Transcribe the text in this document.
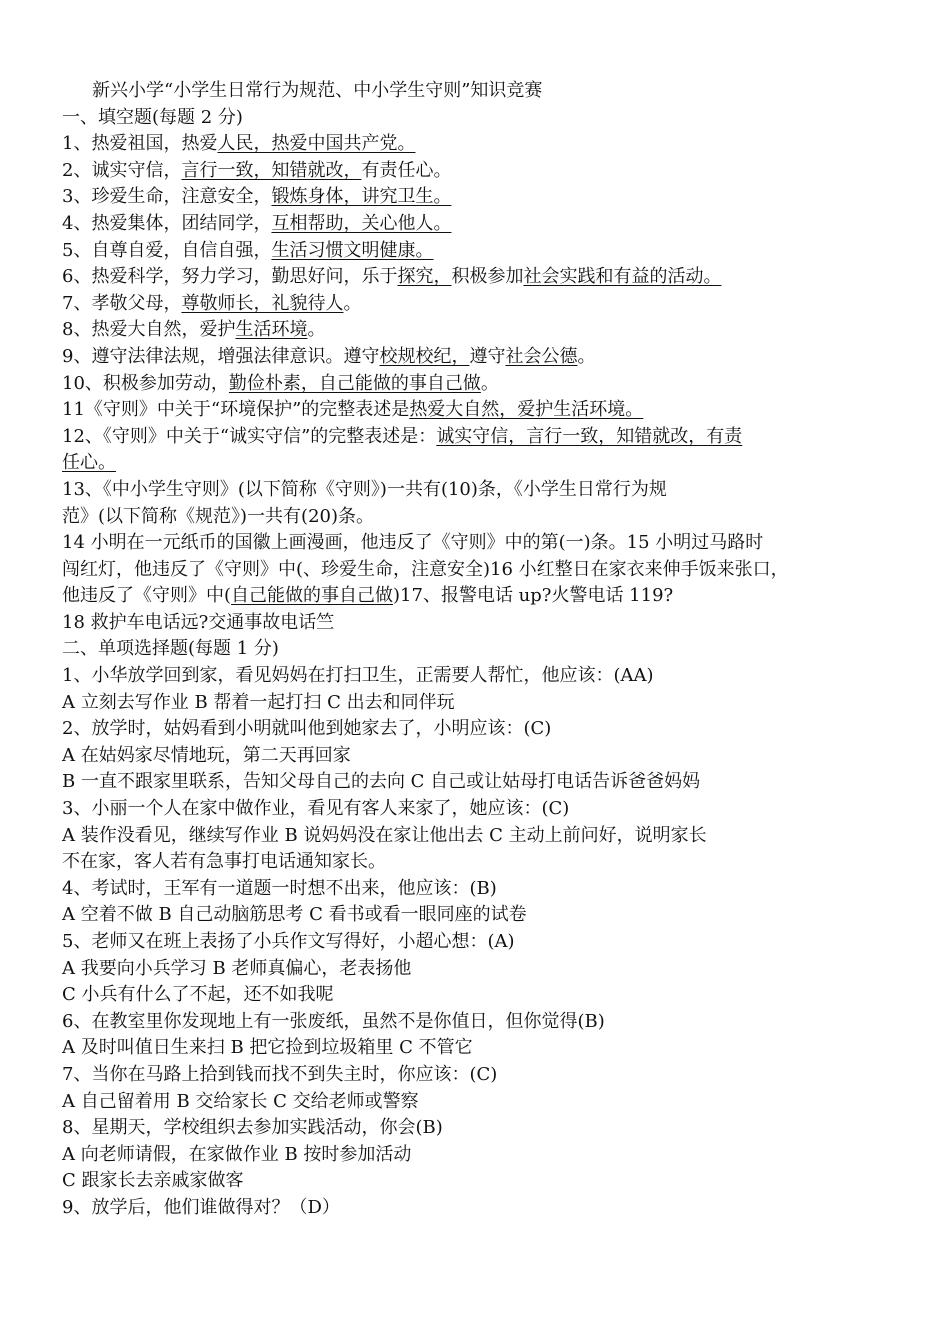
新兴小学“小学生日常行为规范、中小学生守则”知识竞赛
一、填空题(每题 2 分)
1、热爱祖国，热爱人民，热爱中国共产党。
2、诚实守信，言行一致，知错就改，有责任心。
3、珍爱生命，注意安全，锻炼身体，讲究卫生。
4、热爱集体，团结同学，互相帮助，关心他人。
5、自尊自爱，自信自强，生活习惯文明健康。
6、热爱科学，努力学习，勤思好问，乐于探究，积极参加社会实践和有益的活动。
7、孝敬父母，尊敬师长，礼貌待人。
8、热爱大自然，爱护生活环境。
9、遵守法律法规，增强法律意识。遵守校规校纪，遵守社会公德。
10、积极参加劳动，勤俭朴素，自己能做的事自己做。
11《守则》中关于“环境保护”的完整表述是热爱大自然，爱护生活环境。
12、《守则》中关于“诚实守信”的完整表述是：诚实守信，言行一致，知错就改，有责
任心。
13、《中小学生守则》(以下简称《守则》)一共有(10)条，《小学生日常行为规
范》(以下简称《规范》)一共有(20)条。
14 小明在一元纸币的国徽上画漫画，他违反了《守则》中的第(一)条。15 小明过马路时
闯红灯，他违反了《守则》中(、珍爱生命，注意安全)16 小红整日在家衣来伸手饭来张口，
他违反了《守则》中(自己能做的事自己做)17、报警电话 up?火警电话 119?
18 救护车电话远?交通事故电话竺
二、单项选择题(每题 1 分)
1、小华放学回到家，看见妈妈在打扫卫生，正需要人帮忙，他应该：(AA)
A 立刻去写作业 B 帮着一起打扫 C 出去和同伴玩
2、放学时，姑妈看到小明就叫他到她家去了，小明应该：(C)
A 在姑妈家尽情地玩，第二天再回家
B 一直不跟家里联系，告知父母自己的去向 C 自己或让姑母打电话告诉爸爸妈妈
3、小丽一个人在家中做作业，看见有客人来家了，她应该：(C)
A 装作没看见，继续写作业 B 说妈妈没在家让他出去 C 主动上前问好，说明家长
不在家，客人若有急事打电话通知家长。
4、考试时，王军有一道题一时想不出来，他应该：(B)
A 空着不做 B 自己动脑筋思考 C 看书或看一眼同座的试卷
5、老师又在班上表扬了小兵作文写得好，小超心想：(A)
A 我要向小兵学习 B 老师真偏心，老表扬他
C 小兵有什么了不起，还不如我呢
6、在教室里你发现地上有一张废纸，虽然不是你值日，但你觉得(B)
A 及时叫值日生来扫 B 把它捡到垃圾箱里 C 不管它
7、当你在马路上拾到钱而找不到失主时，你应该：(C)
A 自己留着用 B 交给家长 C 交给老师或警察
8、星期天，学校组织去参加实践活动，你会(B)
A 向老师请假，在家做作业 B 按时参加活动
C 跟家长去亲戚家做客
9、放学后，他们谁做得对？（D）
